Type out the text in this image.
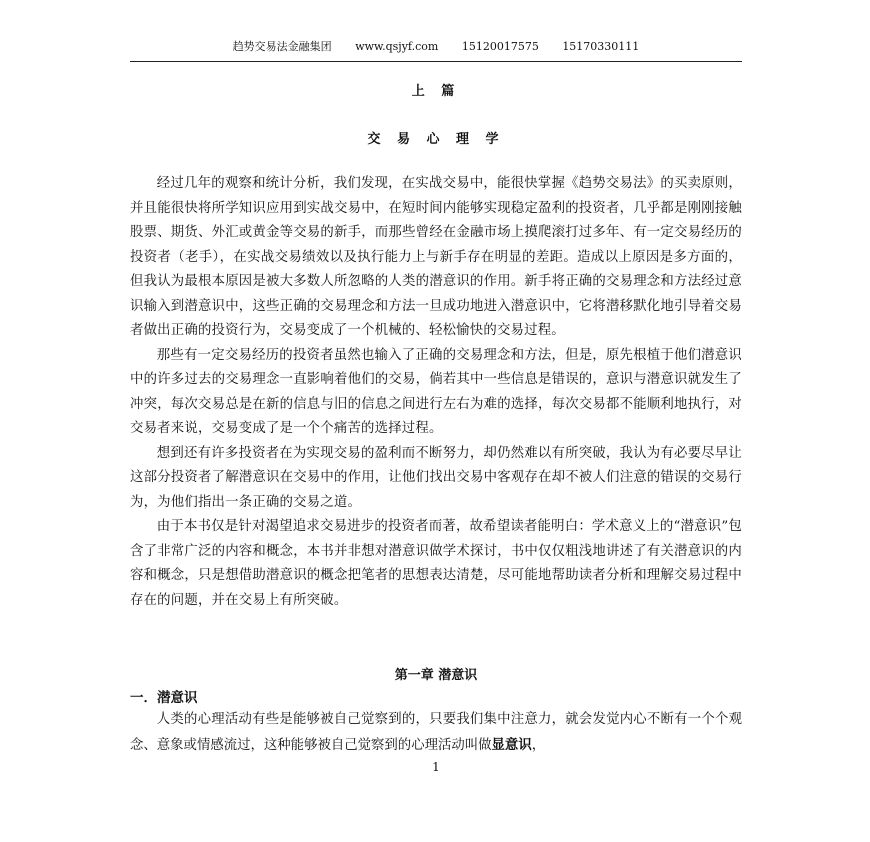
趋势交易法金融集团 www.qsjyf.com 15120017575 15170330111
上 篇
交 易 心 理 学

经过几年的观察和统计分析，我们发现，在实战交易中，能很快掌握《趋势交易法》的买卖原则，并且能很快将所学知识应用到实战交易中，在短时间内能够实现稳定盈利的投资者，几乎都是刚刚接触股票、期货、外汇或黄金等交易的新手，而那些曾经在金融市场上摸爬滚打过多年、有一定交易经历的投资者（老手），在实战交易绩效以及执行能力上与新手存在明显的差距。造成以上原因是多方面的，但我认为最根本原因是被大多数人所忽略的人类的潜意识的作用。新手将正确的交易理念和方法经过意识输入到潜意识中，这些正确的交易理念和方法一旦成功地进入潜意识中，它将潜移默化地引导着交易者做出正确的投资行为，交易变成了一个机械的、轻松愉快的交易过程。

那些有一定交易经历的投资者虽然也输入了正确的交易理念和方法，但是，原先根植于他们潜意识中的许多过去的交易理念一直影响着他们的交易，倘若其中一些信息是错误的，意识与潜意识就发生了冲突，每次交易总是在新的信息与旧的信息之间进行左右为难的选择，每次交易都不能顺利地执行，对交易者来说，交易变成了是一个个痛苦的选择过程。

想到还有许多投资者在为实现交易的盈利而不断努力，却仍然难以有所突破，我认为有必要尽早让这部分投资者了解潜意识在交易中的作用，让他们找出交易中客观存在却不被人们注意的错误的交易行为，为他们指出一条正确的交易之道。

由于本书仅是针对渴望追求交易进步的投资者而著，故希望读者能明白：学术意义上的“潜意识”包含了非常广泛的内容和概念，本书并非想对潜意识做学术探讨，书中仅仅粗浅地讲述了有关潜意识的内容和概念，只是想借助潜意识的概念把笔者的思想表达清楚，尽可能地帮助读者分析和理解交易过程中存在的问题，并在交易上有所突破。

第一章 潜意识
一．潜意识

人类的心理活动有些是能够被自己觉察到的，只要我们集中注意力，就会发觉内心不断有一个个观念、意象或情感流过，这种能够被自己觉察到的心理活动叫做显意识，

1
